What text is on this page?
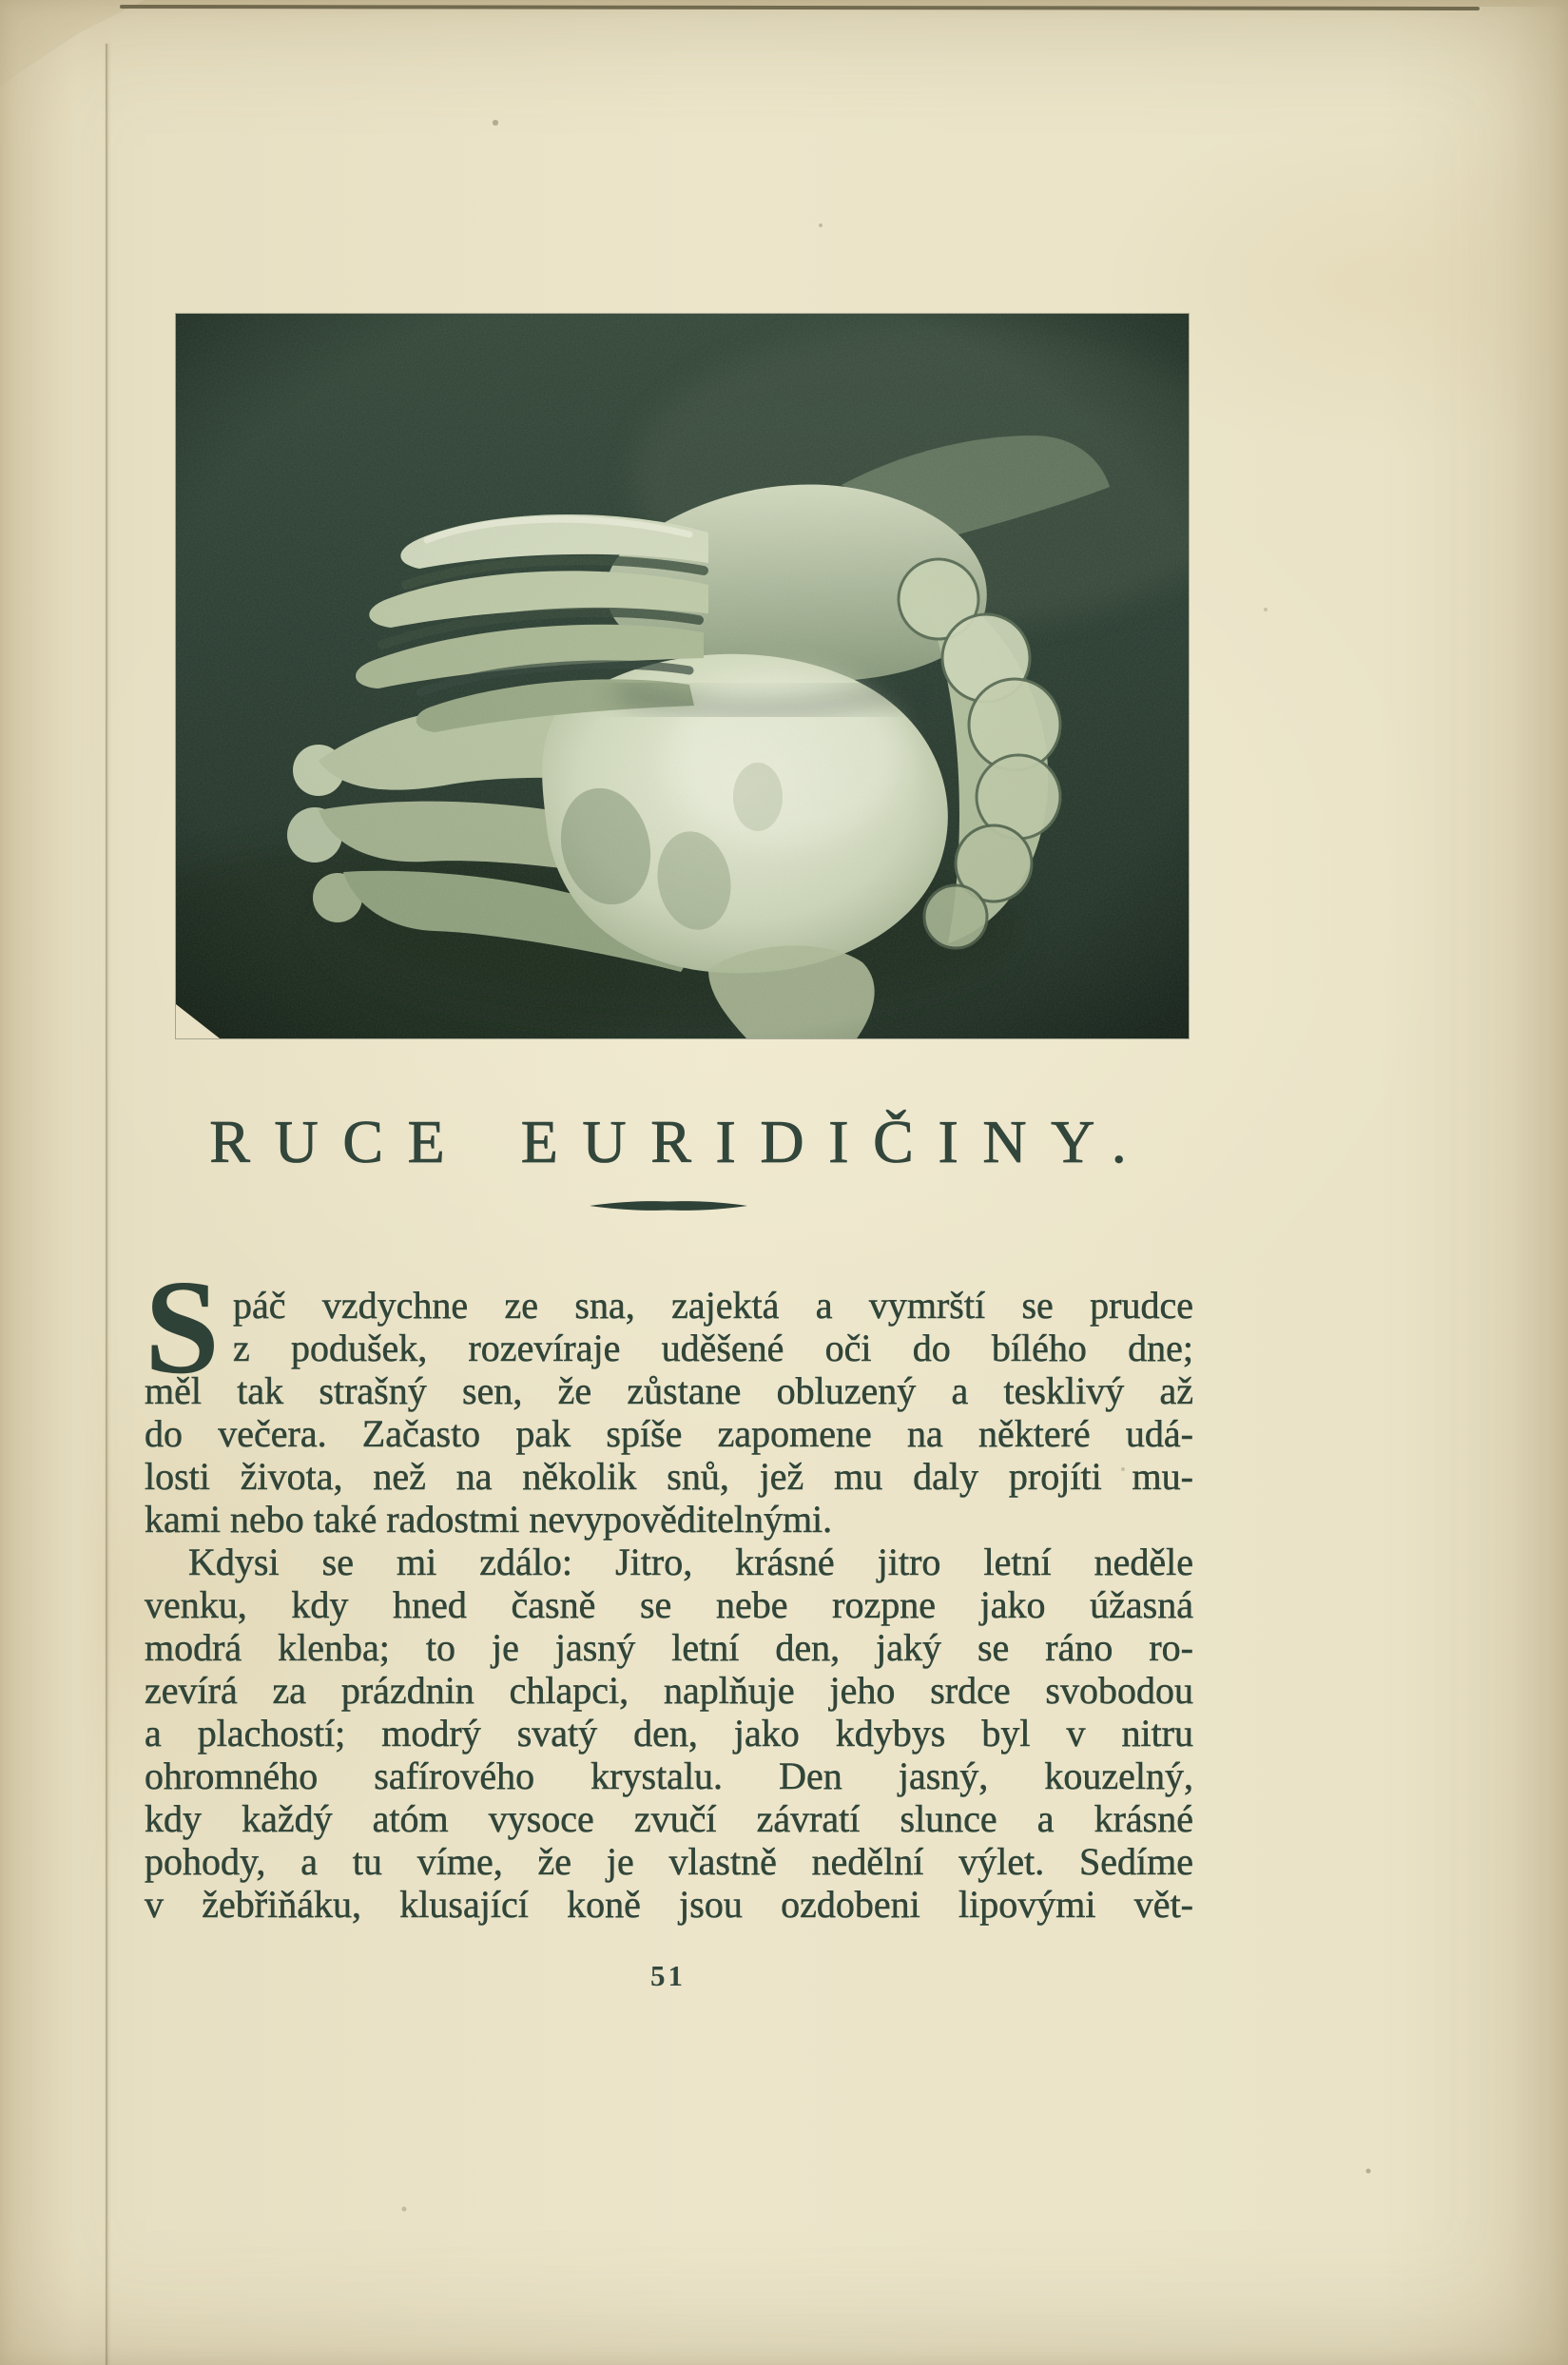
RUCE EURIDIČINY.
S páč vzdychne ze sna, zajektá a vymrští se prudce
z podušek, rozevíraje uděšené oči do bílého dne;
měl tak strašný sen, že zůstane obluzený a tesklivý až
do večera. Začasto pak spíše zapomene na některé udá-
losti života, než na několik snů, jež mu daly projíti mu-
kami nebo také radostmi nevypověditelnými.
Kdysi se mi zdálo: Jitro, krásné jitro letní neděle
venku, kdy hned časně se nebe rozpne jako úžasná
modrá klenba; to je jasný letní den, jaký se ráno ro-
zevírá za prázdnin chlapci, naplňuje jeho srdce svobodou
a plachostí; modrý svatý den, jako kdybys byl v nitru
ohromného safírového krystalu. Den jasný, kouzelný,
kdy každý atóm vysoce zvučí závratí slunce a krásné
pohody, a tu víme, že je vlastně nedělní výlet. Sedíme
v žebřiňáku, klusající koně jsou ozdobeni lipovými vět-
51
